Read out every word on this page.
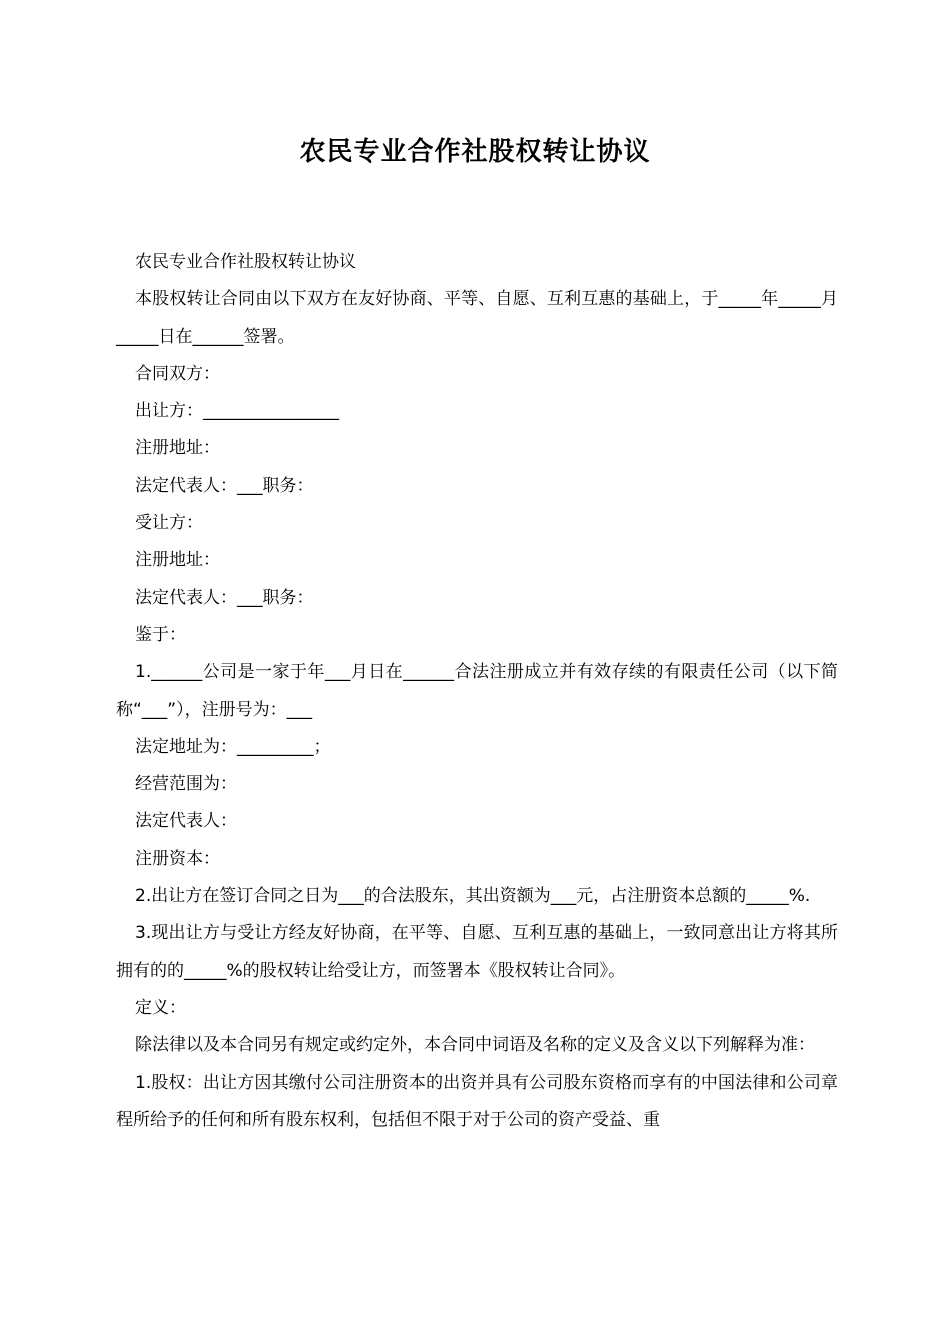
农民专业合作社股权转让协议

农民专业合作社股权转让协议

本股权转让合同由以下双方在友好协商、平等、自愿、互利互惠的基础上，于_____年_____月_____日在______签署。

合同双方：

出让方：________________

注册地址：

法定代表人：___职务：

受让方：

注册地址：

法定代表人：___职务：

鉴于：

1.______公司是一家于年___月日在______合法注册成立并有效存续的有限责任公司（以下简称“___”），注册号为：___

法定地址为：_________；

经营范围为：

法定代表人：

注册资本：

2.出让方在签订合同之日为___的合法股东，其出资额为___元，占注册资本总额的_____%.

3.现出让方与受让方经友好协商，在平等、自愿、互利互惠的基础上，一致同意出让方将其所拥有的的_____%的股权转让给受让方，而签署本《股权转让合同》。

定义：

除法律以及本合同另有规定或约定外，本合同中词语及名称的定义及含义以下列解释为准：

1.股权：出让方因其缴付公司注册资本的出资并具有公司股东资格而享有的中国法律和公司章程所给予的任何和所有股东权利，包括但不限于对于公司的资产受益、重
